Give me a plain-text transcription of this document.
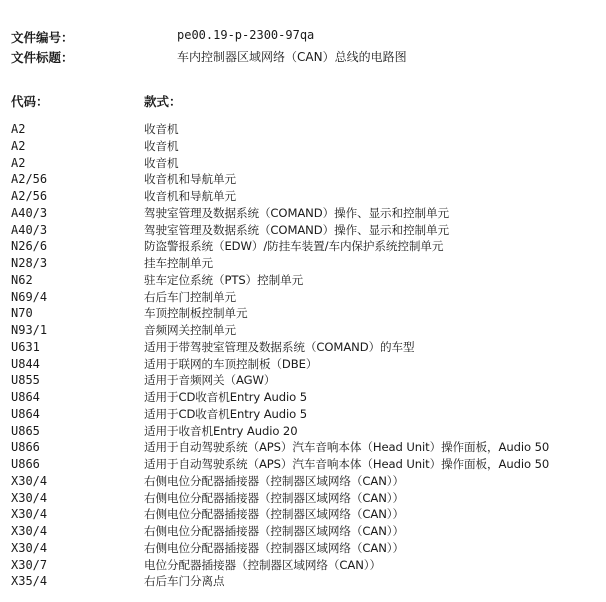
文件编号：	pe00.19-p-2300-97qa
文件标题：	车内控制器区域网络（CAN）总线的电路图
代码：	款式：
A2	收音机
A2	收音机
A2	收音机
A2/56	收音机和导航单元
A2/56	收音机和导航单元
A40/3	驾驶室管理及数据系统（COMAND）操作、显示和控制单元
A40/3	驾驶室管理及数据系统（COMAND）操作、显示和控制单元
N26/6	防盗警报系统（EDW）/防挂车装置/车内保护系统控制单元
N28/3	挂车控制单元
N62	驻车定位系统（PTS）控制单元
N69/4	右后车门控制单元
N70	车顶控制板控制单元
N93/1	音频网关控制单元
U631	适用于带驾驶室管理及数据系统（COMAND）的车型
U844	适用于联网的车顶控制板（DBE）
U855	适用于音频网关（AGW）
U864	适用于CD收音机Entry Audio 5
U864	适用于CD收音机Entry Audio 5
U865	适用于收音机Entry Audio 20
U866	适用于自动驾驶系统（APS）汽车音响本体（Head Unit）操作面板，Audio 50
U866	适用于自动驾驶系统（APS）汽车音响本体（Head Unit）操作面板，Audio 50
X30/4	右侧电位分配器插接器（控制器区域网络（CAN））
X30/4	右侧电位分配器插接器（控制器区域网络（CAN））
X30/4	右侧电位分配器插接器（控制器区域网络（CAN））
X30/4	右侧电位分配器插接器（控制器区域网络（CAN））
X30/4	右侧电位分配器插接器（控制器区域网络（CAN））
X30/7	电位分配器插接器（控制器区域网络（CAN））
X35/4	右后车门分离点
